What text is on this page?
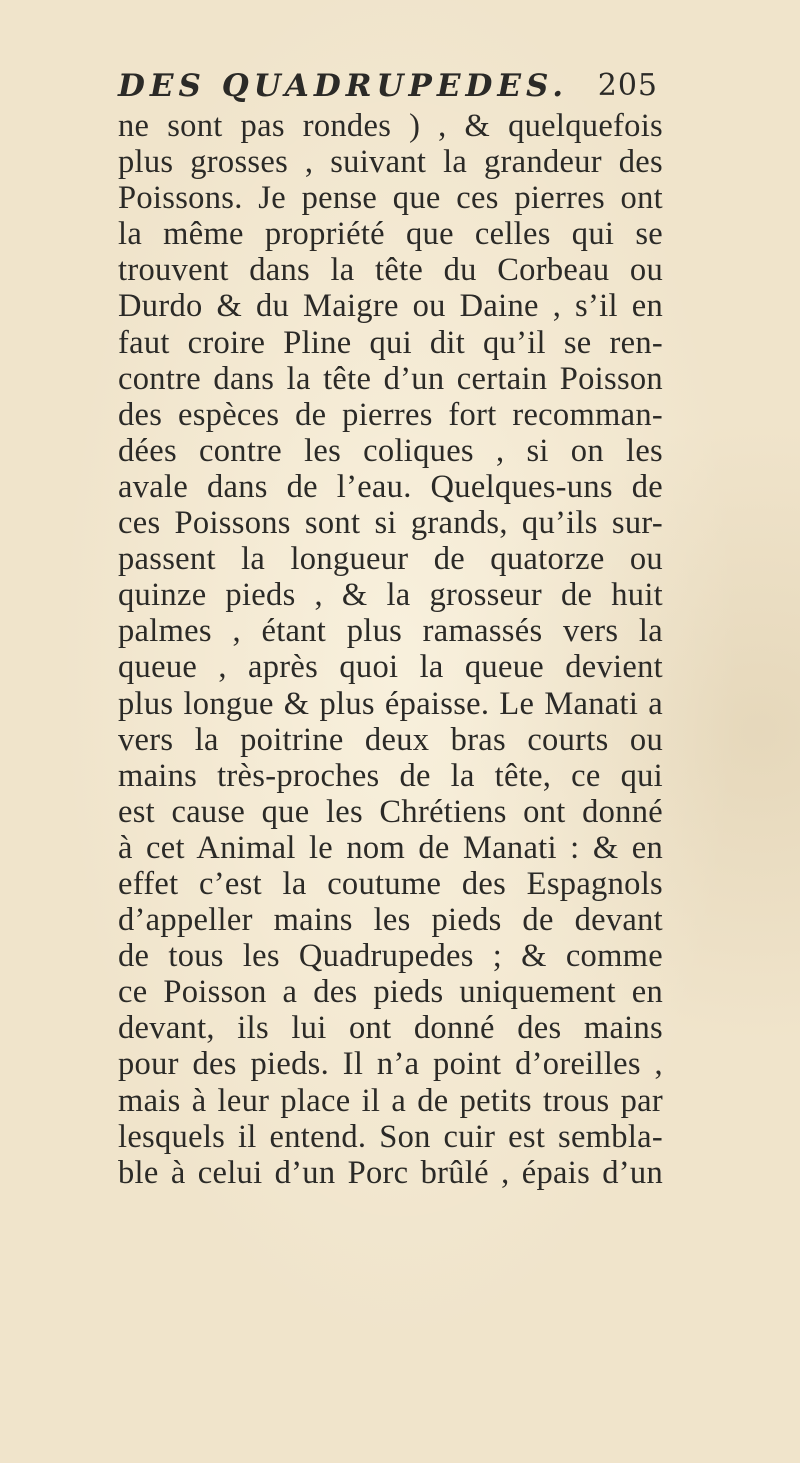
DES QUADRUPEDES. 205
ne sont pas rondes ) , & quelquefois
plus grosses , suivant la grandeur des
Poissons. Je pense que ces pierres ont
la même propriété que celles qui se
trouvent dans la tête du Corbeau ou
Durdo & du Maigre ou Daine , s’il en
faut croire Pline qui dit qu’il se ren-
contre dans la tête d’un certain Poisson
des espèces de pierres fort recomman-
dées contre les coliques , si on les
avale dans de l’eau. Quelques-uns de
ces Poissons sont si grands, qu’ils sur-
passent la longueur de quatorze ou
quinze pieds , & la grosseur de huit
palmes , étant plus ramassés vers la
queue , après quoi la queue devient
plus longue & plus épaisse. Le Manati a
vers la poitrine deux bras courts ou
mains très-proches de la tête, ce qui
est cause que les Chrétiens ont donné
à cet Animal le nom de Manati : & en
effet c’est la coutume des Espagnols
d’appeller mains les pieds de devant
de tous les Quadrupedes ; & comme
ce Poisson a des pieds uniquement en
devant, ils lui ont donné des mains
pour des pieds. Il n’a point d’oreilles ,
mais à leur place il a de petits trous par
lesquels il entend. Son cuir est sembla-
ble à celui d’un Porc brûlé , épais d’un
